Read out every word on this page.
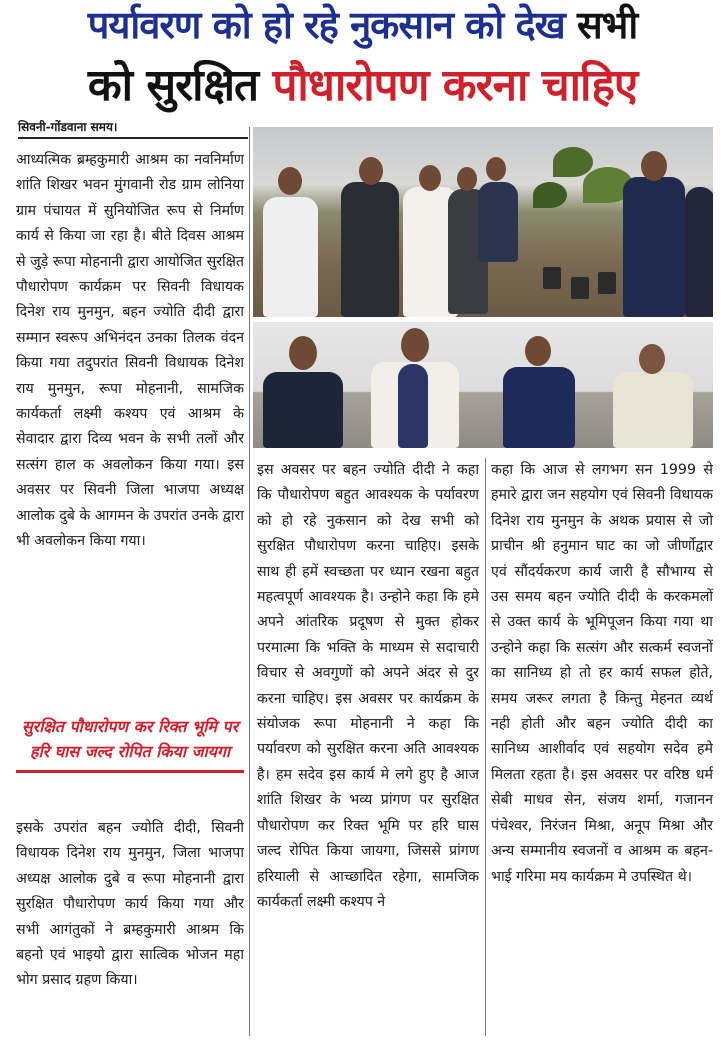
पर्यावरण को हो रहे नुकसान को देख सभी
को सुरक्षित पौधारोपण करना चाहिए
सिवनी-गोंडवाना समय।
आध्यत्मिक ब्रम्हकुमारी आश्रम का नवनिर्माण शांति शिखर भवन मुंगवानी रोड ग्राम लोनिया ग्राम पंचायत में सुनियोजित रूप से निर्माण कार्य से किया जा रहा है। बीते दिवस आश्रम से जुड़े रूपा मोहनानी द्वारा आयोजित सुरक्षित पौधारोपण कार्यक्रम पर सिवनी विधायक दिनेश राय मुनमुन, बहन ज्योति दीदी द्वारा सम्मान स्वरूप अभिनंदन उनका तिलक वंदन किया गया तदुपरांत सिवनी विधायक दिनेश राय मुनमुन, रूपा मोहनानी, सामजिक कार्यकर्ता लक्ष्मी कश्यप एवं आश्रम के सेवादार द्वारा दिव्य भवन के सभी तलों और सत्संग हाल क अवलोकन किया गया। इस अवसर पर सिवनी जिला भाजपा अध्यक्ष आलोक दुबे के आगमन के उपरांत उनके द्वारा भी अवलोकन किया गया।
सुरक्षित पौधारोपण कर रिक्त भूमि पर हरि घास जल्द रोपित किया जायगा
इसके उपरांत बहन ज्योति दीदी, सिवनी विधायक दिनेश राय मुनमुन, जिला भाजपा अध्यक्ष आलोक दुबे व रूपा मोहनानी द्वारा सुरक्षित पौधारोपण कार्य किया गया और सभी आगंतुकों ने ब्रम्हकुमारी आश्रम कि बहनो एवं भाइयो द्वारा सात्विक भोजन महा भोग प्रसाद ग्रहण किया।
इस अवसर पर बहन ज्योति दीदी ने कहा कि पौधारोपण बहुत आवश्यक के पर्यावरण को हो रहे नुकसान को देख सभी को सुरक्षित पौधारोपण करना चाहिए। इसके साथ ही हमें स्वच्छता पर ध्यान रखना बहुत महत्वपूर्ण आवश्यक है। उन्होने कहा कि हमे अपने आंतरिक प्रदूषण से मुक्त होकर परमात्मा कि भक्ति के माध्यम से सदाचारी विचार से अवगुणों को अपने अंदर से दुर करना चाहिए। इस अवसर पर कार्यक्रम के संयोजक रूपा मोहनानी ने कहा कि पर्यावरण को सुरक्षित करना अति आवश्यक है। हम सदेव इस कार्य मे लगे हुए है आज शांति शिखर के भव्य प्रांगण पर सुरक्षित पौधारोपण कर रिक्त भूमि पर हरि घास जल्द रोपित किया जायगा, जिससे प्रांगण हरियाली से आच्छादित रहेगा, सामजिक कार्यकर्ता लक्ष्मी कश्यप ने
कहा कि आज से लगभग सन 1999 से हमारे द्वारा जन सहयोग एवं सिवनी विधायक दिनेश राय मुनमुन के अथक प्रयास से जो प्राचीन श्री हनुमान घाट का जो जीर्णोद्वार एवं सौंदर्यकरण कार्य जारी है सौभाग्य से उस समय बहन ज्योति दीदी के करकमलों से उक्त कार्य के भूमिपूजन किया गया था उन्होने कहा कि सत्संग और सत्कर्म स्वजनों का सानिध्य हो तो हर कार्य सफल होते, समय जरूर लगता है किन्तु मेहनत व्यर्थ नही होती और बहन ज्योति दीदी का सानिध्य आशीर्वाद एवं सहयोग सदेव हमे मिलता रहता है। इस अवसर पर वरिष्ठ धर्म सेबी माधव सेन, संजय शर्मा, गजानन पंचेश्वर, निरंजन मिश्रा, अनूप मिश्रा और अन्य सम्मानीय स्वजनों व आश्रम क बहन-भाई गरिमा मय कार्यक्रम मे उपस्थित थे।
